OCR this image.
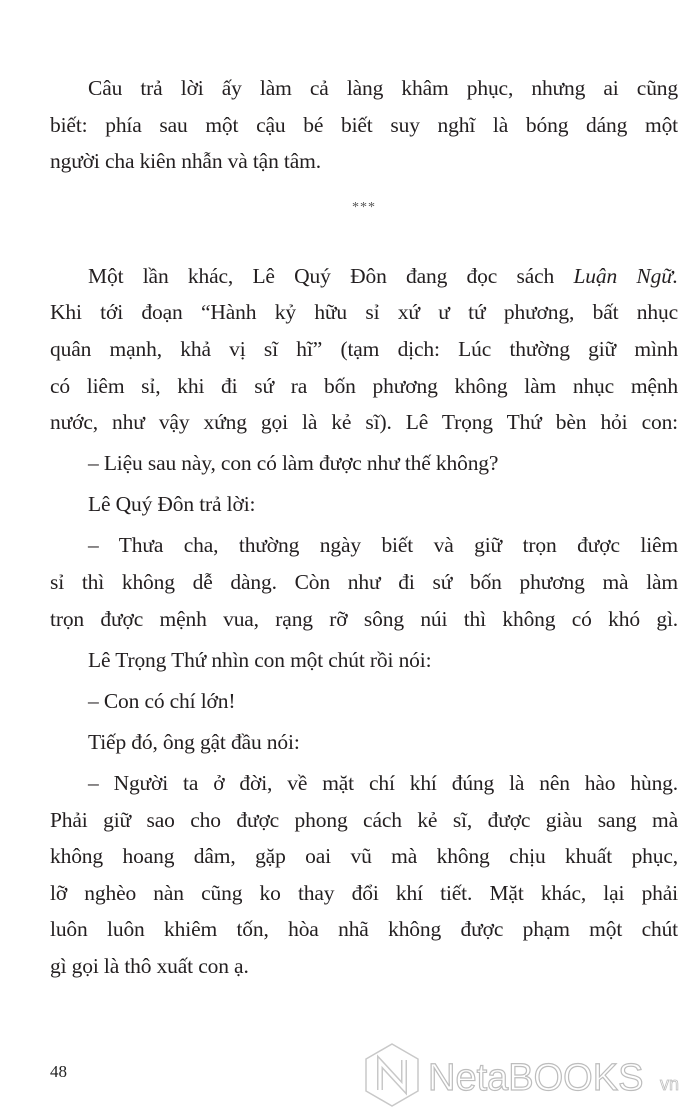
Câu trả lời ấy làm cả làng khâm phục, nhưng ai cũng
biết: phía sau một cậu bé biết suy nghĩ là bóng dáng một
người cha kiên nhẫn và tận tâm.
***
Một lần khác, Lê Quý Đôn đang đọc sách Luận Ngữ.
Khi tới đoạn “Hành kỷ hữu sỉ xứ ư tứ phương, bất nhục
quân mạnh, khả vị sĩ hĩ” (tạm dịch: Lúc thường giữ mình
có liêm sỉ, khi đi sứ ra bốn phương không làm nhục mệnh
nước, như vậy xứng gọi là kẻ sĩ). Lê Trọng Thứ bèn hỏi con:
– Liệu sau này, con có làm được như thế không?
Lê Quý Đôn trả lời:
– Thưa cha, thường ngày biết và giữ trọn được liêm
sỉ thì không dễ dàng. Còn như đi sứ bốn phương mà làm
trọn được mệnh vua, rạng rỡ sông núi thì không có khó gì.
Lê Trọng Thứ nhìn con một chút rồi nói:
– Con có chí lớn!
Tiếp đó, ông gật đầu nói:
– Người ta ở đời, về mặt chí khí đúng là nên hào hùng.
Phải giữ sao cho được phong cách kẻ sĩ, được giàu sang mà
không hoang dâm, gặp oai vũ mà không chịu khuất phục,
lỡ nghèo nàn cũng ko thay đổi khí tiết. Mặt khác, lại phải
luôn luôn khiêm tốn, hòa nhã không được phạm một chút
gì gọi là thô xuất con ạ.
48	NetaBOOKS vn
